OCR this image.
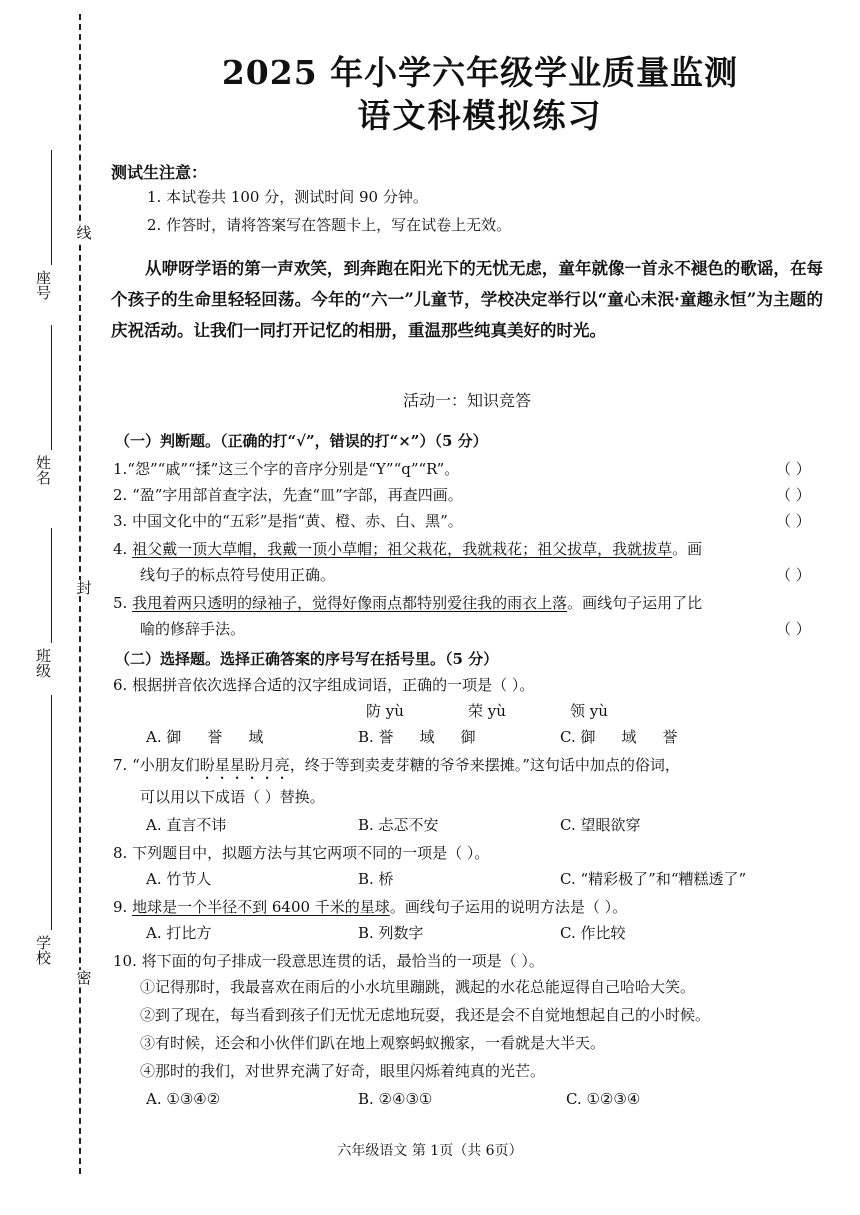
座号
姓名
班级
学校
线
封
密
2025 年小学六年级学业质量监测
语文科模拟练习
测试生注意：
1. 本试卷共 100 分，测试时间 90 分钟。
2. 作答时，请将答案写在答题卡上，写在试卷上无效。
从咿呀学语的第一声欢笑，到奔跑在阳光下的无忧无虑，童年就像一首永不褪色的歌谣，在每个孩子的生命里轻轻回荡。今年的“六一”儿童节，学校决定举行以“童心未泯·童趣永恒”为主题的庆祝活动。让我们一同打开记忆的相册，重温那些纯真美好的时光。
活动一：知识竞答
（一）判断题。（正确的打“√”，错误的打“×”）（5 分）
1.“怨”“戚”“揉”这三个字的音序分别是“Y”“q”“R”。	（ ）
2. “盈”字用部首查字法，先查“皿”字部，再查四画。	（ ）
3. 中国文化中的“五彩”是指“黄、橙、赤、白、黑”。	（ ）
4. 祖父戴一顶大草帽，我戴一顶小草帽；祖父栽花，我就栽花；祖父拔草，我就拔草。画
线句子的标点符号使用正确。	（ ）
5. 我甩着两只透明的绿袖子，觉得好像雨点都特别爱往我的雨衣上落。画线句子运用了比
喻的修辞手法。	（ ）
（二）选择题。选择正确答案的序号写在括号里。（5 分）
6. 根据拼音依次选择合适的汉字组成词语，正确的一项是（ ）。
防 yù	荣 yù	领 yù
A. 御 誉 域	B. 誉 域 御	C. 御 域 誉
7. “小朋友们盼星星盼月亮，终于等到卖麦芽糖的爷爷来摆摊。”这句话中加点的俗词，
可以用以下成语（ ）替换。
A. 直言不讳	B. 忐忑不安	C. 望眼欲穿
8. 下列题目中，拟题方法与其它两项不同的一项是（ ）。
A. 竹节人	B. 桥	C. “精彩极了”和“糟糕透了”
9. 地球是一个半径不到 6400 千米的星球。画线句子运用的说明方法是（ ）。
A. 打比方	B. 列数字	C. 作比较
10. 将下面的句子排成一段意思连贯的话，最恰当的一项是（ ）。
①记得那时，我最喜欢在雨后的小水坑里蹦跳，溅起的水花总能逗得自己哈哈大笑。
②到了现在，每当看到孩子们无忧无虑地玩耍，我还是会不自觉地想起自己的小时候。
③有时候，还会和小伙伴们趴在地上观察蚂蚁搬家，一看就是大半天。
④那时的我们，对世界充满了好奇，眼里闪烁着纯真的光芒。
A. ①③④②	B. ②④③①	C. ①②③④
六年级语文 第 1页（共 6页）
